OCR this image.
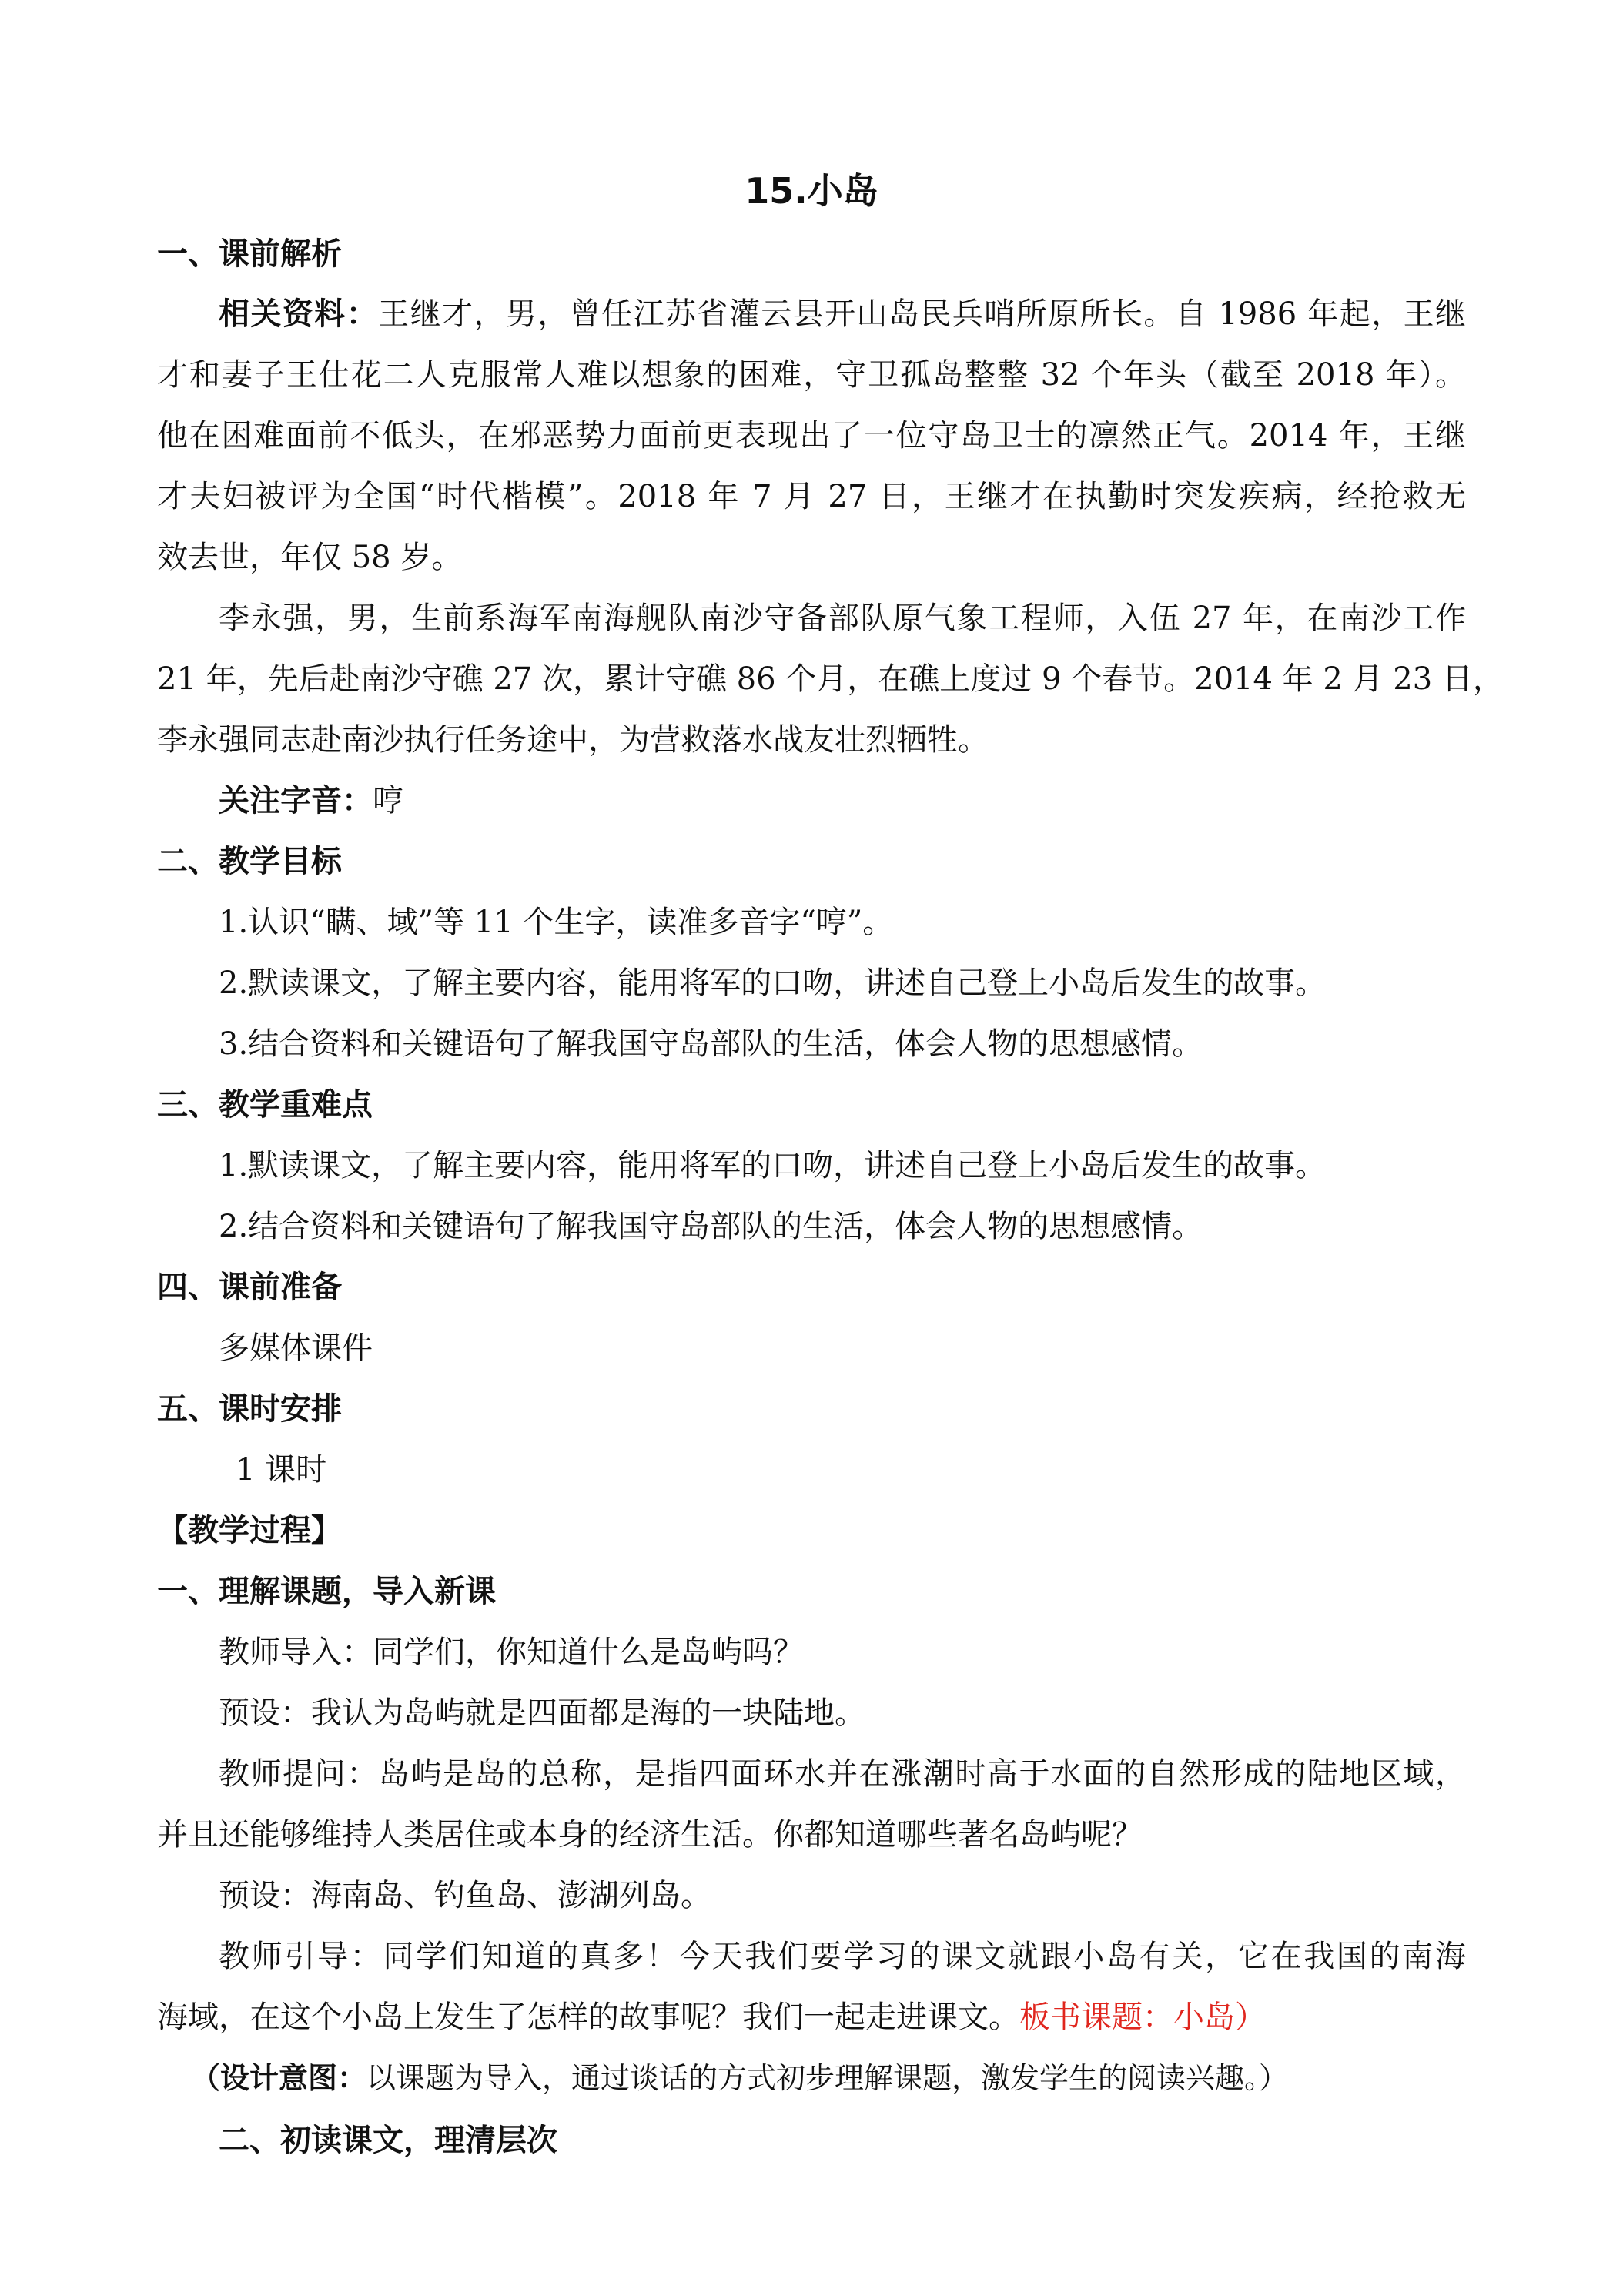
15.小岛
一、课前解析
相关资料：王继才，男，曾任江苏省灌云县开山岛民兵哨所原所长。自 1986 年起，王继
才和妻子王仕花二人克服常人难以想象的困难，守卫孤岛整整 32 个年头（截至 2018 年）。
他在困难面前不低头，在邪恶势力面前更表现出了一位守岛卫士的凛然正气。2014 年，王继
才夫妇被评为全国“时代楷模”。2018 年 7 月 27 日，王继才在执勤时突发疾病，经抢救无
效去世，年仅 58 岁。
李永强，男，生前系海军南海舰队南沙守备部队原气象工程师，入伍 27 年，在南沙工作
21 年，先后赴南沙守礁 27 次，累计守礁 86 个月，在礁上度过 9 个春节。2014 年 2 月 23 日，
李永强同志赴南沙执行任务途中，为营救落水战友壮烈牺牲。
关注字音：哼
二、教学目标
1.认识“瞒、域”等 11 个生字，读准多音字“哼”。
2.默读课文，了解主要内容，能用将军的口吻，讲述自己登上小岛后发生的故事。
3.结合资料和关键语句了解我国守岛部队的生活，体会人物的思想感情。
三、教学重难点
1.默读课文，了解主要内容，能用将军的口吻，讲述自己登上小岛后发生的故事。
2.结合资料和关键语句了解我国守岛部队的生活，体会人物的思想感情。
四、课前准备
多媒体课件
五、课时安排
1 课时
【教学过程】
一、理解课题，导入新课
教师导入：同学们，你知道什么是岛屿吗？
预设：我认为岛屿就是四面都是海的一块陆地。
教师提问：岛屿是岛的总称，是指四面环水并在涨潮时高于水面的自然形成的陆地区域，
并且还能够维持人类居住或本身的经济生活。你都知道哪些著名岛屿呢？
预设：海南岛、钓鱼岛、澎湖列岛。
教师引导：同学们知道的真多！今天我们要学习的课文就跟小岛有关，它在我国的南海
海域，在这个小岛上发生了怎样的故事呢？我们一起走进课文。板书课题：小岛）
（设计意图：以课题为导入，通过谈话的方式初步理解课题，激发学生的阅读兴趣。）
二、初读课文，理清层次
